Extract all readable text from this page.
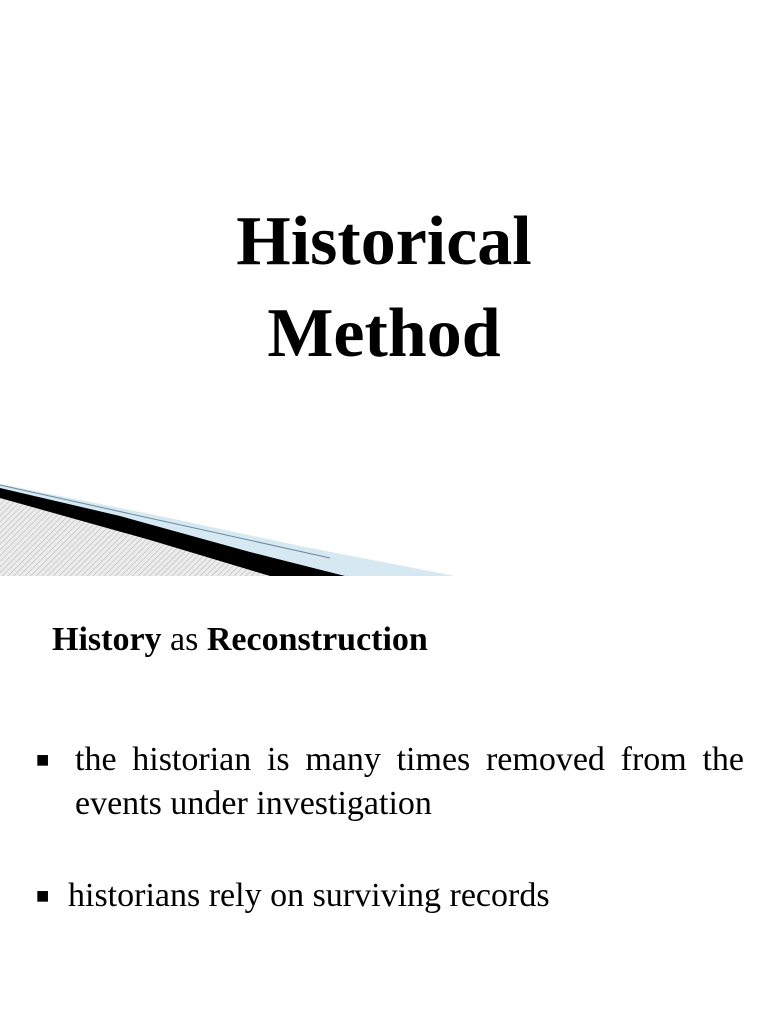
Historical
Method
History as Reconstruction
■ the historian is many times removed from the events under investigation
■ historians rely on surviving records
